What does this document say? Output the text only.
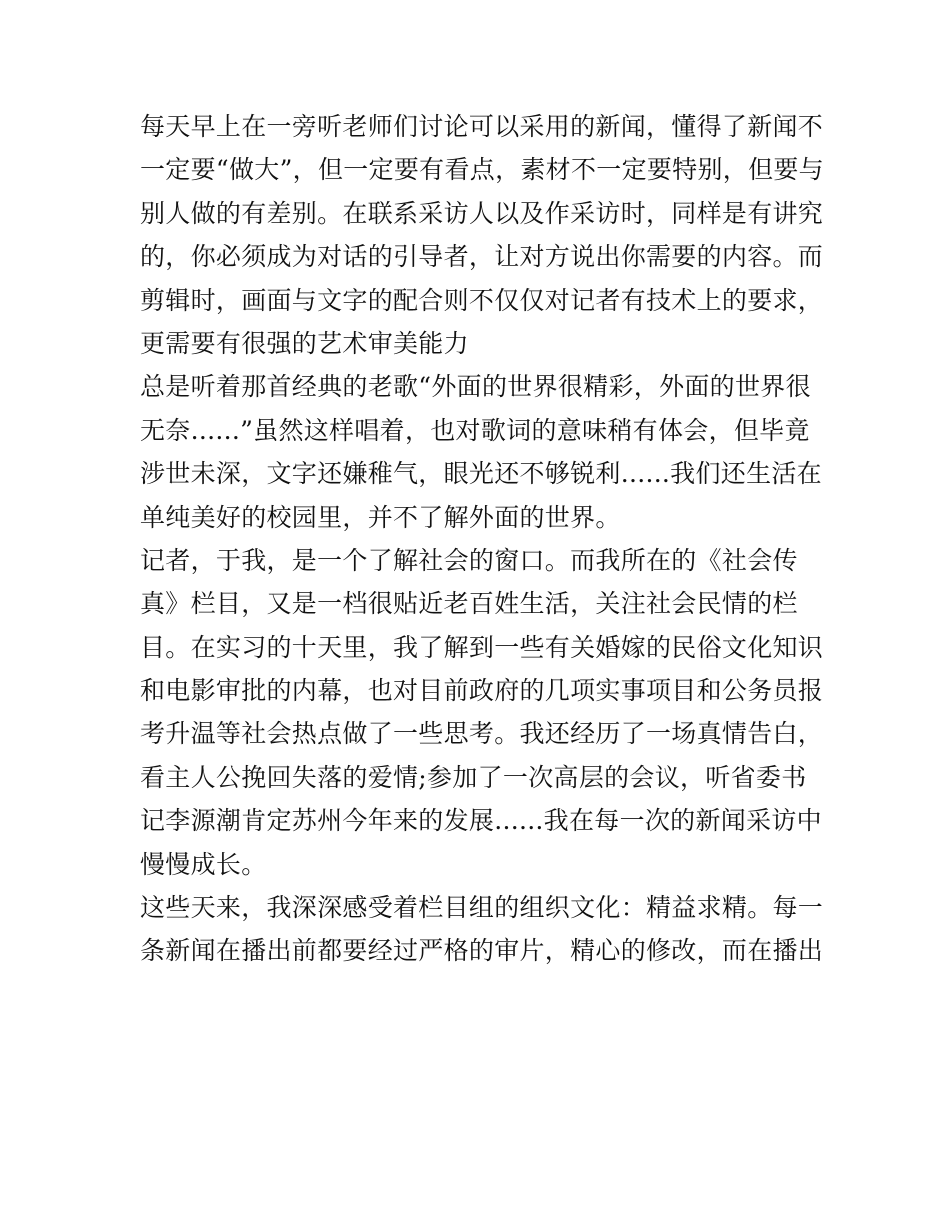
每天早上在一旁听老师们讨论可以采用的新闻，懂得了新闻不
一定要“做大”，但一定要有看点，素材不一定要特别，但要与
别人做的有差别。在联系采访人以及作采访时，同样是有讲究
的，你必须成为对话的引导者，让对方说出你需要的内容。而
剪辑时，画面与文字的配合则不仅仅对记者有技术上的要求，
更需要有很强的艺术审美能力
总是听着那首经典的老歌“外面的世界很精彩，外面的世界很
无奈......”虽然这样唱着，也对歌词的意味稍有体会，但毕竟
涉世未深，文字还嫌稚气，眼光还不够锐利......我们还生活在
单纯美好的校园里，并不了解外面的世界。
记者，于我，是一个了解社会的窗口。而我所在的《社会传
真》栏目，又是一档很贴近老百姓生活，关注社会民情的栏
目。在实习的十天里，我了解到一些有关婚嫁的民俗文化知识
和电影审批的内幕，也对目前政府的几项实事项目和公务员报
考升温等社会热点做了一些思考。我还经历了一场真情告白，
看主人公挽回失落的爱情;参加了一次高层的会议，听省委书
记李源潮肯定苏州今年来的发展......我在每一次的新闻采访中
慢慢成长。
这些天来，我深深感受着栏目组的组织文化：精益求精。每一
条新闻在播出前都要经过严格的审片，精心的修改，而在播出
